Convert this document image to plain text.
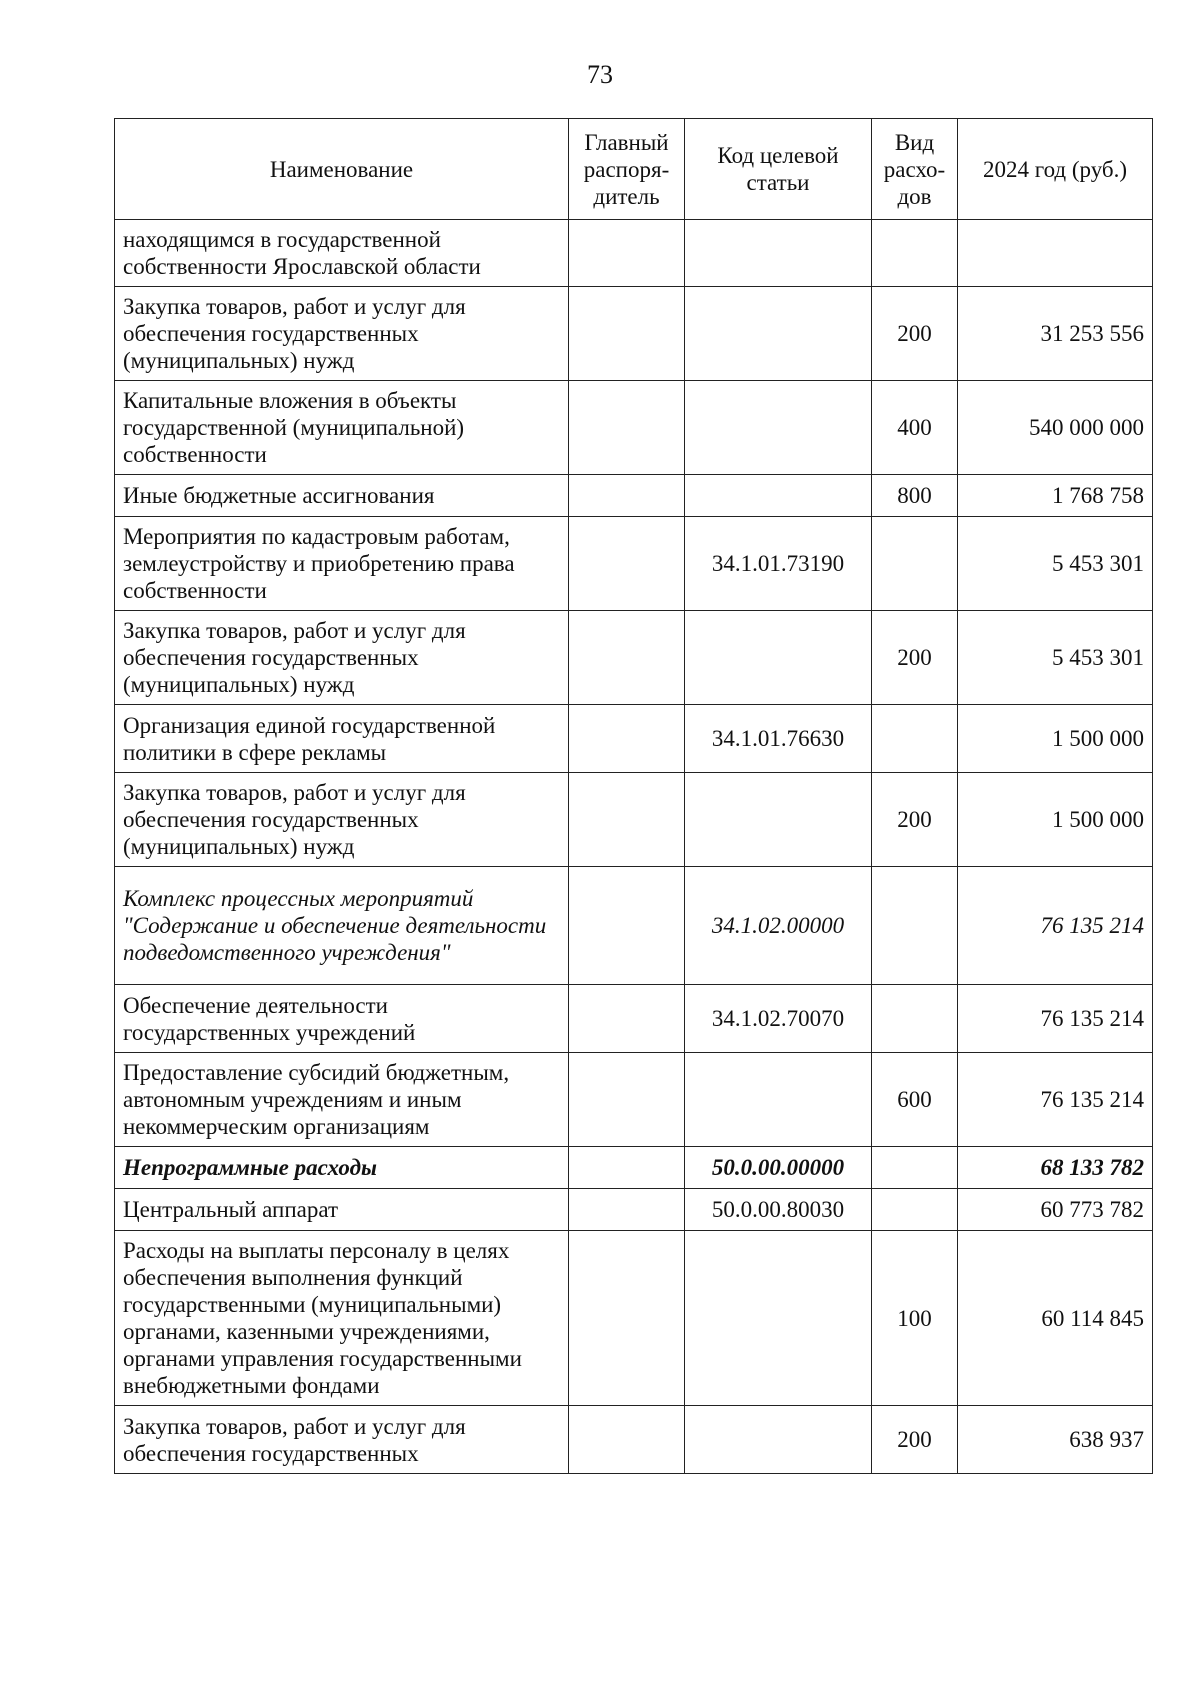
73
Наименование	Главный распоря-дитель	Код целевой статьи	Вид расхо-дов	2024 год (руб.)
находящимся в государственной собственности Ярославской области				
Закупка товаров, работ и услуг для обеспечения государственных (муниципальных) нужд			200	31 253 556
Капитальные вложения в объекты государственной (муниципальной) собственности			400	540 000 000
Иные бюджетные ассигнования			800	1 768 758
Мероприятия по кадастровым работам, землеустройству и приобретению права собственности		34.1.01.73190		5 453 301
Закупка товаров, работ и услуг для обеспечения государственных (муниципальных) нужд			200	5 453 301
Организация единой государственной политики в сфере рекламы		34.1.01.76630		1 500 000
Закупка товаров, работ и услуг для обеспечения государственных (муниципальных) нужд			200	1 500 000
Комплекс процессных мероприятий "Содержание и обеспечение деятельности подведомственного учреждения"		34.1.02.00000		76 135 214
Обеспечение деятельности государственных учреждений		34.1.02.70070		76 135 214
Предоставление субсидий бюджетным, автономным учреждениям и иным некоммерческим организациям			600	76 135 214
Непрограммные расходы		50.0.00.00000		68 133 782
Центральный аппарат		50.0.00.80030		60 773 782
Расходы на выплаты персоналу в целях обеспечения выполнения функций государственными (муниципальными) органами, казенными учреждениями, органами управления государственными внебюджетными фондами			100	60 114 845
Закупка товаров, работ и услуг для обеспечения государственных			200	638 937
